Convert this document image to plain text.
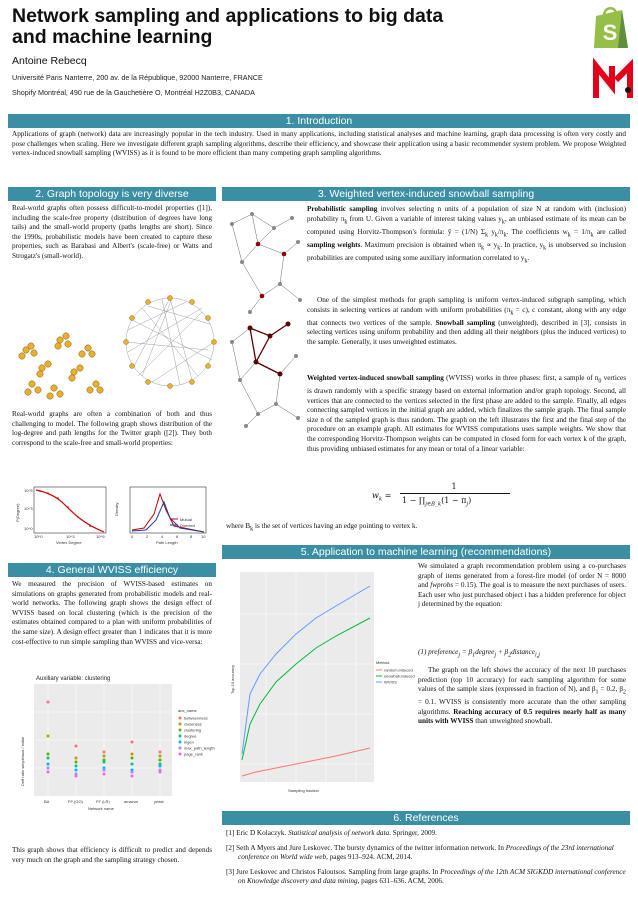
Network sampling and applications to big data
and machine learning
Antoine Rebecq
Université Paris Nanterre, 200 av. de la République, 92000 Nanterre, FRANCE
Shopify Montréal, 490 rue de la Gauchetière O, Montréal H2Z0B3, CANADA
S
1. Introduction
Applications of graph (network) data are increasingly popular in the tech industry. Used in many applications, including statistical analyses and machine learning, graph data processing is often very costly and pose challenges when scaling. Here we investigate different graph sampling algorithms, describe their efficiency, and showcase their application using a basic recommender system problem. We propose Weighted vertex-induced snowball sampling (WVISS) as it is found to be more efficient than many competing graph sampling algorithms.
2. Graph topology is very diverse
Real-world graphs often possess difficult-to-model properties ([1]), including the scale-free property (distribution of degrees have long tails) and the small-world property (paths lengths are short). Since the 1990s, probabilistic models have been created to capture these properties, such as Barabasi and Albert's (scale-free) or Watts and Strogatz's (small-world).
Real-world graphs are often a combination of both and thus challenging to model. The following graph shows distribution of the log-degree and path lengths for the Twitter graph ([2]). They both correspond to the scale-free and small-world properties:
P(Degree)
Vertex Degree
10^5
10^3
10^0
10^0	10^3	10^5
Density
Path Length
0	2	4	6	8 10
Mutual
Directed
3. Weighted vertex-induced snowball sampling
Probabilistic sampling involves selecting n units of a population of size N at random with (inclusion) probability $\pi_k$ from U. Given a variable of interest taking values $y_k$, an unbiased estimate of its mean can be computed using Horvitz-Thompson's formula: ŷ = (1/N) $\Sigma_k$ $y_k/\pi_k$. The coefficients $w_k = 1/\pi_k$ are called sampling weights. Maximum precision is obtained when $\pi_k \propto y_k$. In practice, $y_k$ is unobserved so inclusion probabilities are computed using some auxiliary information correlated to $y_k$.
One of the simplest methods for graph sampling is uniform vertex-induced subgraph sampling, which consists in selecting vertices at random with uniform probabilities $(\pi_k = c)$, c constant, along with any edge that connects two vertices of the sample. Snowball sampling (unweighted), described in [3], consists in selecting vertices using uniform probability and then adding all their neighbors (plus the induced vertices) to the sample. Generally, it uses unweighted estimates.
Weighted vertex-induced snowball sampling (WVISS) works in three phases: first, a sample of $n_0$ vertices is drawn randomly with a specific strategy based on external information and/or graph topology. Second, all vertices that are connected to the vertices selected in the first phase are added to the sample. Finally, all edges connecting sampled vertices in the initial graph are added, which finalizes the sample graph. The final sample size n of the sampled graph is thus random. The graph on the left illustrates the first and the final step of the procedure on an example graph. All estimates for WVISS computations uses sample weights. We show that the corresponding Horvitz-Thompson weights can be computed in closed form for each vertex k of the graph, thus providing unbiased estimates for any mean or total of a linear variable:
$w_k$ =
1
$1 - \prod_{j\in B\_k}(1 - \pi_j)$
where $B_k$ is the set of vertices having an edge pointing to vertex k.
4. General WVISS efficiency
We measured the precision of WVISS-based estimates on simulations on graphs generated from probabilistic models and real-world networks. The following graph shows the design effect of WVISS based on local clustering (which is the precision of the estimates obtained compared to a plan with uniform probabilities of the same size). A design effect greater than 1 indicates that it is more cost-effective to run simple sampling than WVISS and vice-versa:
Auxiliary variable: clustering
Deff ratio simple/aux / initial
BA	FF (GO)	FF (LR)	amazon	yeast
Network name
aux_name
betweenness
closeness
clustering
degree
eigen
max_path_length
page_rank
This graph shows that efficiency is difficult to predict and depends very much on the graph and the sampling strategy chosen.
5. Application to machine learning (recommendations)
Top 10 accuracy
Sampling fraction
Method
random.induced
snowball.induced
WVISS
We simulated a graph recommendation problem using a co-purchases graph of items generated from a forest-fire model (of order N = 8000 and fwprobs = 0.15). The goal is to measure the next purchases of users. Each user who just purchased object i has a hidden preference for object j determined by the equation:
(1) preference$_j$ = $\beta_1degree_j$ + $\beta_2distance_{i,j}$
The graph on the left shows the accuracy of the next 10 purchases prediction (top 10 accuracy) for each sampling algorithm for some values of the sample sizes (expressed in fraction of N), and $\beta_1 = 0.2$, $\beta_2 = 0.1$. WVISS is consistently more accurate than the other sampling algorithms. Reaching accuracy of 0.5 requires nearly half as many units with WVISS than unweighted snowball.
6. References

[1] Eric D Kolaczyk. Statistical analysis of network data. Springer, 2009.

[2] Seth A Myers and Jure Leskovec. The bursty dynamics of the twitter information network. In Proceedings of the 23rd international conference on World wide web, pages 913–924. ACM, 2014.

[3] Jure Leskovec and Christos Faloutsos. Sampling from large graphs. In Proceedings of the 12th ACM SIGKDD international conference on Knowledge discovery and data mining, pages 631–636. ACM, 2006.
